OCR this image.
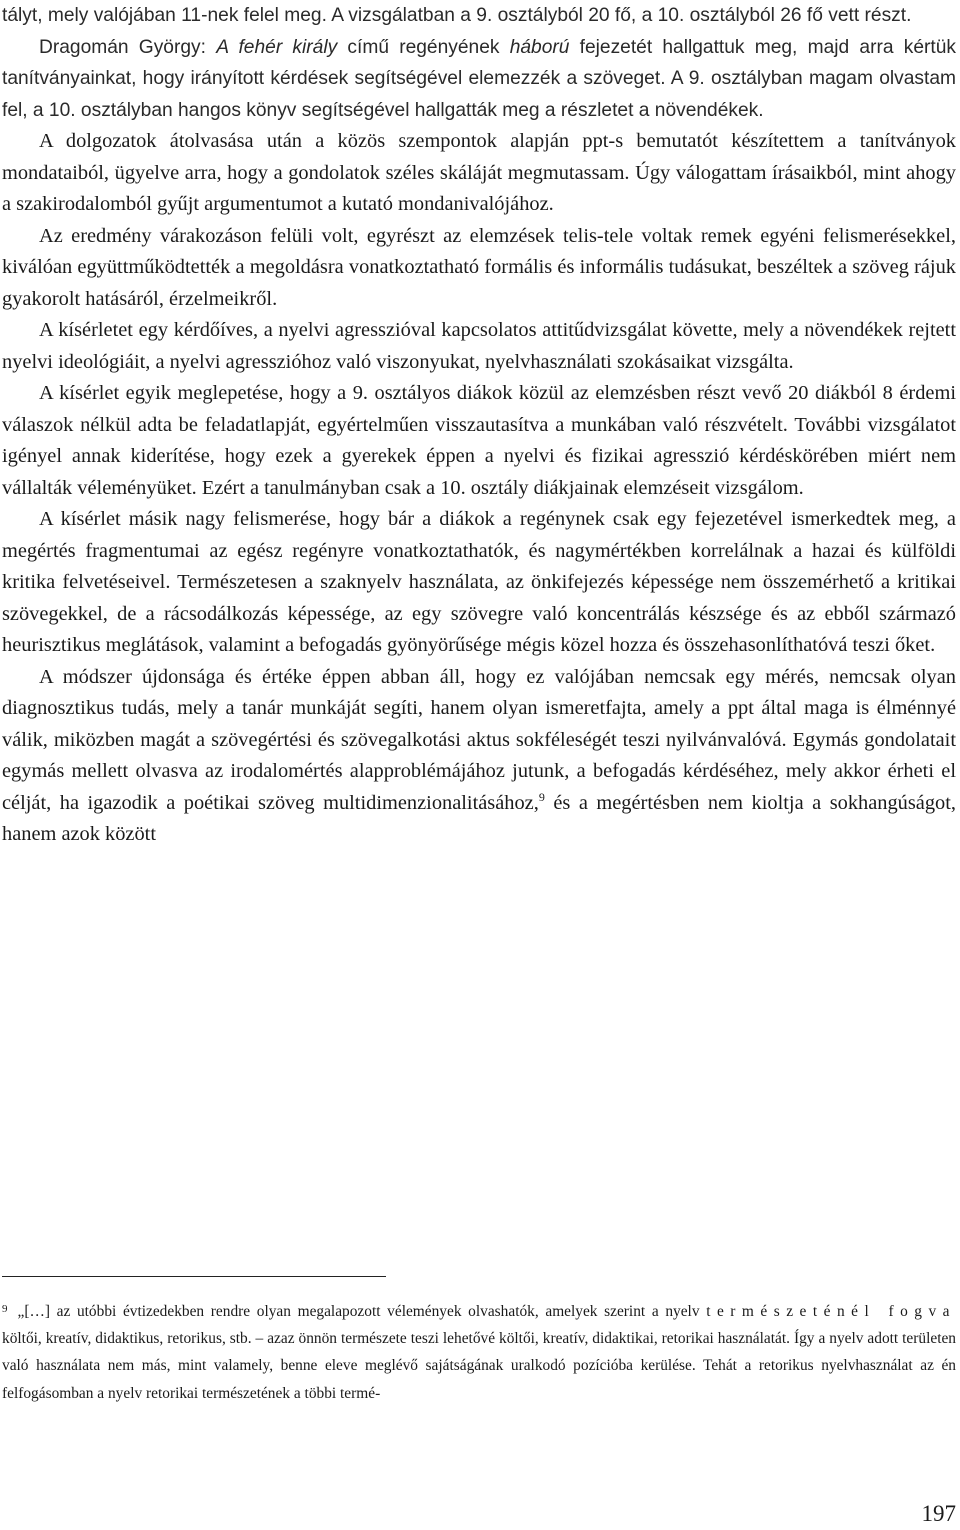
tályt, mely valójában 11-nek felel meg. A vizsgálatban a 9. osztályból 20 fő, a 10. osztályból 26 fő vett részt.

Dragomán György: A fehér király című regényének háború fejezetét hallgattuk meg, majd arra kértük tanítványainkat, hogy irányított kérdések segítségével elemezzék a szöveget. A 9. osztályban magam olvastam fel, a 10. osztályban hangos könyv segítségével hallgatták meg a részletet a növendékek.

A dolgozatok átolvasása után a közös szempontok alapján ppt-s bemutatót készítettem a tanítványok mondataiból, ügyelve arra, hogy a gondolatok széles skáláját megmutassam. Úgy válogattam írásaikból, mint ahogy a szakirodalomból gyűjt argumentumot a kutató mondanivalójához.

Az eredmény várakozáson felüli volt, egyrészt az elemzések telis-tele voltak remek egyéni felismerésekkel, kiválóan együttműködtették a megoldásra vonatkoztatható formális és informális tudásukat, beszéltek a szöveg rájuk gyakorolt hatásáról, érzelmeikről.

A kísérletet egy kérdőíves, a nyelvi agresszióval kapcsolatos attitűdvizsgálat követte, mely a növendékek rejtett nyelvi ideológiáit, a nyelvi agresszióhoz való viszonyukat, nyelvhasználati szokásaikat vizsgálta.

A kísérlet egyik meglepetése, hogy a 9. osztályos diákok közül az elemzésben részt vevő 20 diákból 8 érdemi válaszok nélkül adta be feladatlapját, egyértelműen visszautasítva a munkában való részvételt. További vizsgálatot igényel annak kiderítése, hogy ezek a gyerekek éppen a nyelvi és fizikai agresszió kérdéskörében miért nem vállalták véleményüket. Ezért a tanulmányban csak a 10. osztály diákjainak elemzéseit vizsgálom.

A kísérlet másik nagy felismerése, hogy bár a diákok a regénynek csak egy fejezetével ismerkedtek meg, a megértés fragmentumai az egész regényre vonatkoztathatók, és nagymértékben korrelálnak a hazai és külföldi kritika felvetéseivel. Természetesen a szaknyelv használata, az önkifejezés képessége nem összemérhető a kritikai szövegekkel, de a rácsodálkozás képessége, az egy szövegre való koncentrálás készsége és az ebből származó heurisztikus meglátások, valamint a befogadás gyönyörűsége mégis közel hozza és összehasonlíthatóvá teszi őket.

A módszer újdonsága és értéke éppen abban áll, hogy ez valójában nemcsak egy mérés, nemcsak olyan diagnosztikus tudás, mely a tanár munkáját segíti, hanem olyan ismeretfajta, amely a ppt által maga is élménnyé válik, miközben magát a szövegértési és szövegalkotási aktus sokféleségét teszi nyilvánvalóvá. Egymás gondolatait egymás mellett olvasva az irodalomértés alapproblémájához jutunk, a befogadás kérdéséhez, mely akkor érheti el célját, ha igazodik a poétikai szöveg multidimenzionalitásához,$^9$ és a megértésben nem kioltja a sokhangúságot, hanem azok között

$^9$ „[…] az utóbbi évtizedekben rendre olyan megalapozott vélemények olvashatók, amelyek szerint a nyelv természeténél fogva költői, kreatív, didaktikus, retorikus, stb. – azaz önnön természete teszi lehetővé költői, kreatív, didaktikai, retorikai használatát. Így a nyelv adott területen való használata nem más, mint valamely, benne eleve meglévő sajátságának uralkodó pozícióba kerülése. Tehát a retorikus nyelvhasználat az én felfogásomban a nyelv retorikai természetének a többi termé-

197
